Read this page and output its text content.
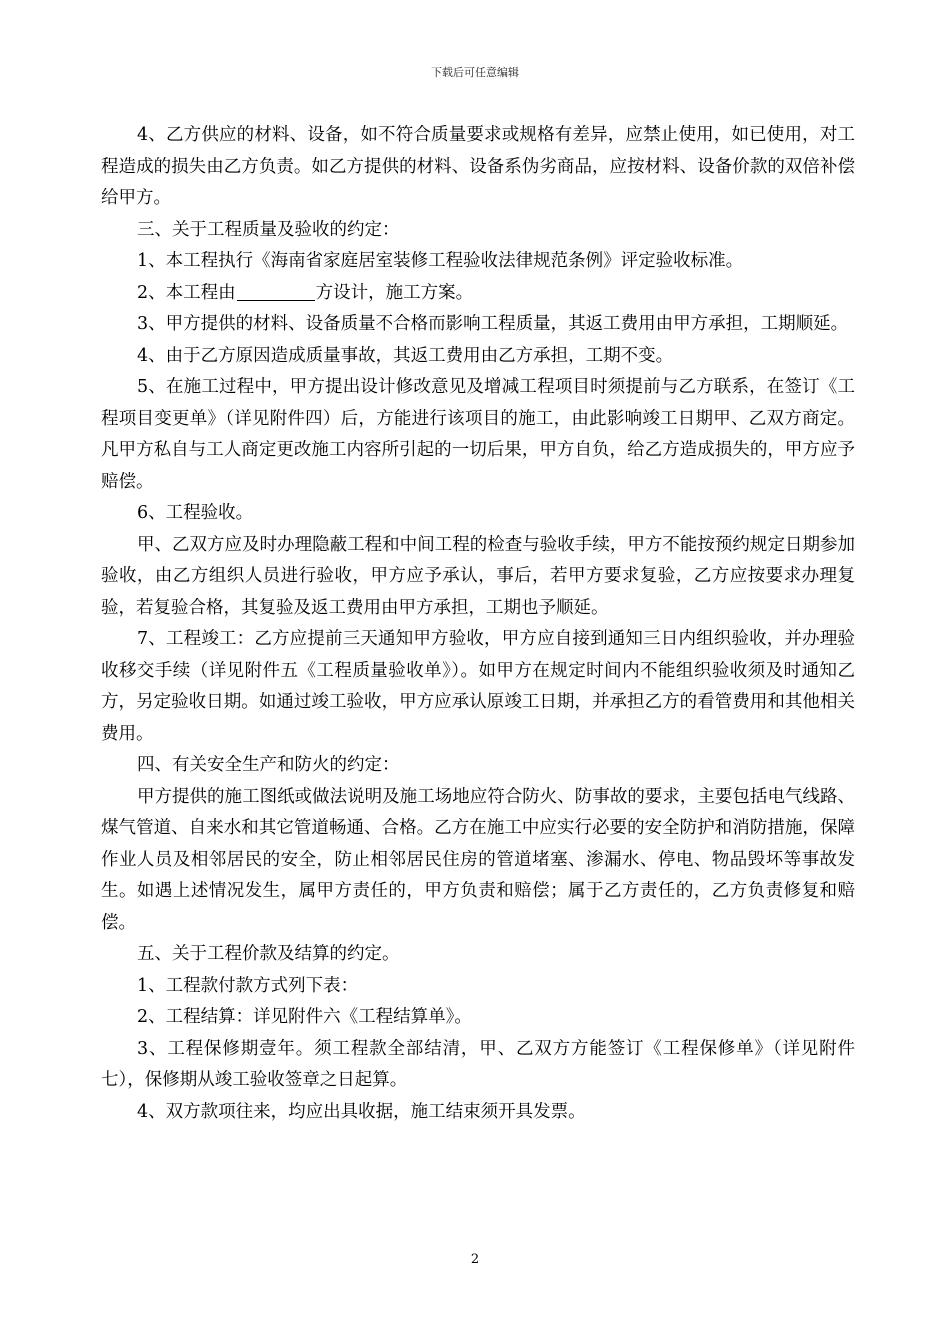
下载后可任意编辑

4、乙方供应的材料、设备，如不符合质量要求或规格有差异，应禁止使用，如已使用，对工程造成的损失由乙方负责。如乙方提供的材料、设备系伪劣商品，应按材料、设备价款的双倍补偿给甲方。

三、关于工程质量及验收的约定：

1、本工程执行《海南省家庭居室装修工程验收法律规范条例》评定验收标准。

2、本工程由	方设计，施工方案。

3、甲方提供的材料、设备质量不合格而影响工程质量，其返工费用由甲方承担，工期顺延。

4、由于乙方原因造成质量事故，其返工费用由乙方承担，工期不变。

5、在施工过程中，甲方提出设计修改意见及增减工程项目时须提前与乙方联系，在签订《工程项目变更单》（详见附件四）后，方能进行该项目的施工，由此影响竣工日期甲、乙双方商定。凡甲方私自与工人商定更改施工内容所引起的一切后果，甲方自负，给乙方造成损失的，甲方应予赔偿。

6、工程验收。

甲、乙双方应及时办理隐蔽工程和中间工程的检查与验收手续，甲方不能按预约规定日期参加验收，由乙方组织人员进行验收，甲方应予承认，事后，若甲方要求复验，乙方应按要求办理复验，若复验合格，其复验及返工费用由甲方承担，工期也予顺延。

7、工程竣工：乙方应提前三天通知甲方验收，甲方应自接到通知三日内组织验收，并办理验收移交手续（详见附件五《工程质量验收单》）。如甲方在规定时间内不能组织验收须及时通知乙方，另定验收日期。如通过竣工验收，甲方应承认原竣工日期，并承担乙方的看管费用和其他相关费用。

四、有关安全生产和防火的约定：

甲方提供的施工图纸或做法说明及施工场地应符合防火、防事故的要求，主要包括电气线路、煤气管道、自来水和其它管道畅通、合格。乙方在施工中应实行必要的安全防护和消防措施，保障作业人员及相邻居民的安全，防止相邻居民住房的管道堵塞、渗漏水、停电、物品毁坏等事故发生。如遇上述情况发生，属甲方责任的，甲方负责和赔偿；属于乙方责任的，乙方负责修复和赔偿。

五、关于工程价款及结算的约定。

1、工程款付款方式列下表：

2、工程结算：详见附件六《工程结算单》。

3、工程保修期壹年。须工程款全部结清，甲、乙双方方能签订《工程保修单》（详见附件七），保修期从竣工验收签章之日起算。

4、双方款项往来，均应出具收据，施工结束须开具发票。

2
